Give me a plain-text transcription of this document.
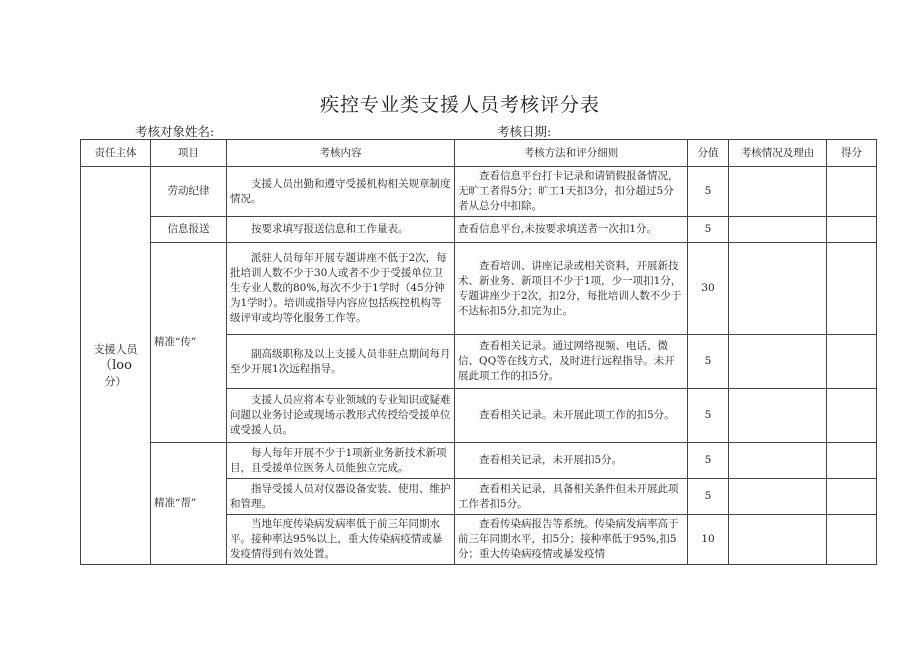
疾控专业类支援人员考核评分表
考核对象姓名:	考核日期:
责任主体	项目	考核内容	考核方法和评分细则	分值	考核情况及理由	得分
支援人员
（loo
分）	劳动纪律	支援人员出勤和遵守受援机构相关规章制度情况。	查看信息平台打卡记录和请销假报备情况，无旷工者得5分；旷工1天扣3分，扣分超过5分者从总分中扣除。	5		
	信息报送	按要求填写报送信息和工作量表。	查看信息平台,未按要求填送者一次扣1分。	5		
	精准“传”	派驻人员每年开展专题讲座不低于2次，每批培训人数不少于30人或者不少于受援单位卫生专业人数的80%,每次不少于1学时（45分钟为1学时）。培训或指导内容应包括疾控机构等级评审或均等化服务工作等。	查看培训、讲座记录或相关资料，开展新技术、新业务、新项目不少于1项，少一项扣1分，专题讲座少于2次，扣2分，每批培训人数不少于不达标扣5分,扣完为止。	30		
		副高级职称及以上支援人员非驻点期间每月至少开展1次远程指导。	查看相关记录。通过网络视频、电话、微信、QQ等在线方式，及时进行远程指导。未开展此项工作的扣5分。	5		
		支援人员应将本专业领域的专业知识或疑难问题以业务讨论或现场示教形式传授给受援单位或受援人员。	查看相关记录。未开展此项工作的扣5分。	5		
	精准“帮”	每人每年开展不少于1项新业务新技术新项目，且受援单位医务人员能独立完成。	查看相关记录，未开展扣5分。	5		
		指导受援人员对仪器设备安装、使用、维护和管理。	查看相关记录，具备相关条件但未开展此项工作者扣5分。	5		
		当地年度传染病发病率低于前三年同期水平。接种率达95%以上，重大传染病疫情或暴发疫情得到有效处置。	查看传染病报告等系统。传染病发病率高于前三年同期水平，扣5分；接种率低于95%,扣5分；重大传染病疫情或暴发疫情	10		
